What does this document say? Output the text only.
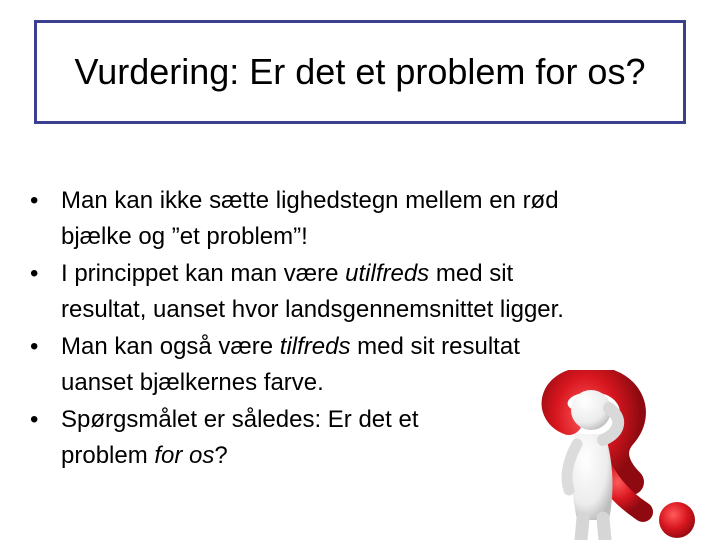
Vurdering: Er det et problem for os?
• Man kan ikke sætte lighedstegn mellem en rød
bjælke og ”et problem”!
• I princippet kan man være utilfreds med sit
resultat, uanset hvor landsgennemsnittet ligger.
• Man kan også være tilfreds med sit resultat
uanset bjælkernes farve.
• Spørgsmålet er således: Er det et
problem for os?
